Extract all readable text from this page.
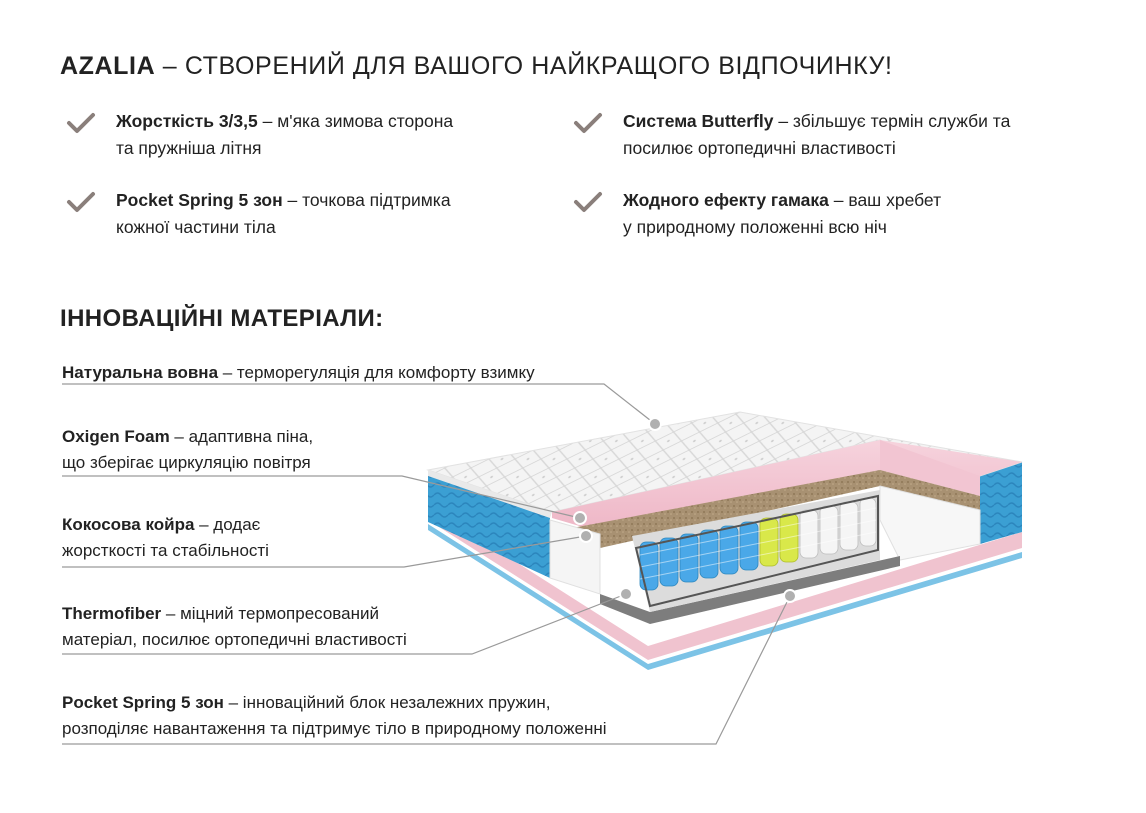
AZALIA – СТВОРЕНИЙ ДЛЯ ВАШОГО НАЙКРАЩОГО ВІДПОЧИНКУ!
Жорсткість 3/3,5 – м'яка зимова сторона
та пружніша літня
Pocket Spring 5 зон – точкова підтримка
кожної частини тіла
Система Butterfly – збільшує термін служби та
посилює ортопедичні властивості
Жодного ефекту гамака – ваш хребет
у природному положенні всю ніч
ІННОВАЦІЙНІ МАТЕРІАЛИ:
Натуральна вовна – терморегуляція для комфорту взимку
Oxigen Foam – адаптивна піна,
що зберігає циркуляцію повітря
Кокосова койра – додає
жорсткості та стабільності
Thermofiber – міцний термопресований
матеріал, посилює ортопедичні властивості
Pocket Spring 5 зон – інноваційний блок незалежних пружин,
розподіляє навантаження та підтримує тіло в природному положенні
